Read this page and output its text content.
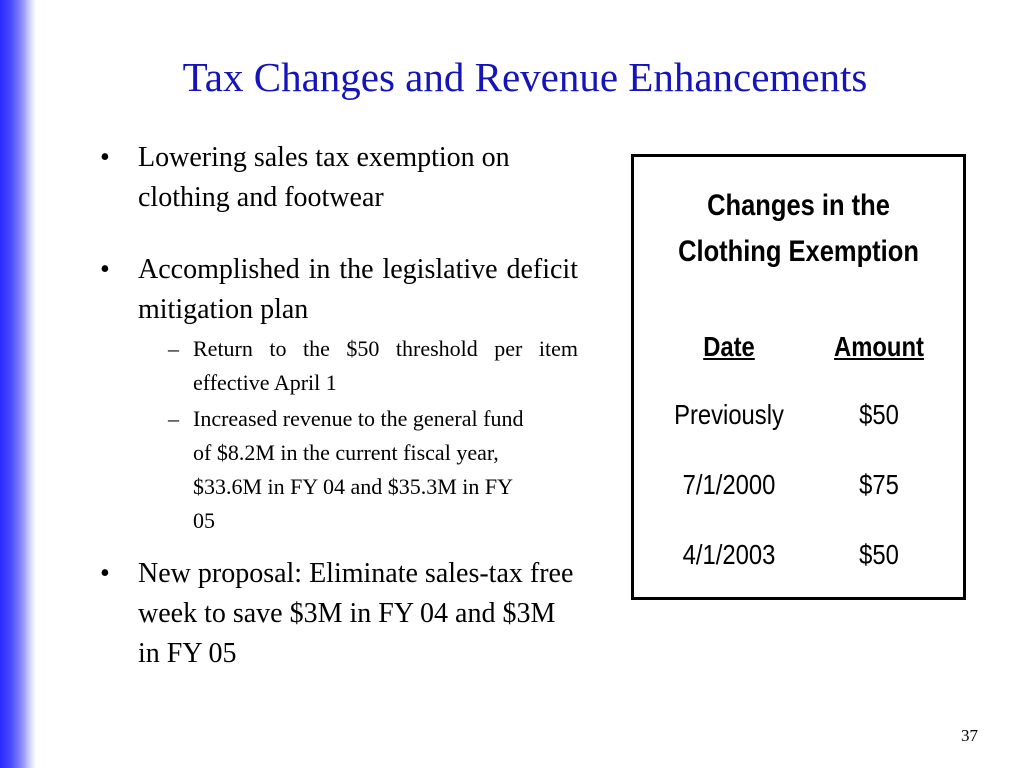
Tax Changes and Revenue Enhancements
• Lowering sales tax exemption on clothing and footwear
• Accomplished in the legislative deficit mitigation plan
– Return to the $50 threshold per item effective April 1
– Increased revenue to the general fund of $8.2M in the current fiscal year, $33.6M in FY 04 and $35.3M in FY 05
• New proposal: Eliminate sales-tax free week to save $3M in FY 04 and $3M in FY 05
Changes in the
Clothing Exemption
Date
Previously
7/1/2000
4/1/2003
Amount
$50
$75
$50
37
